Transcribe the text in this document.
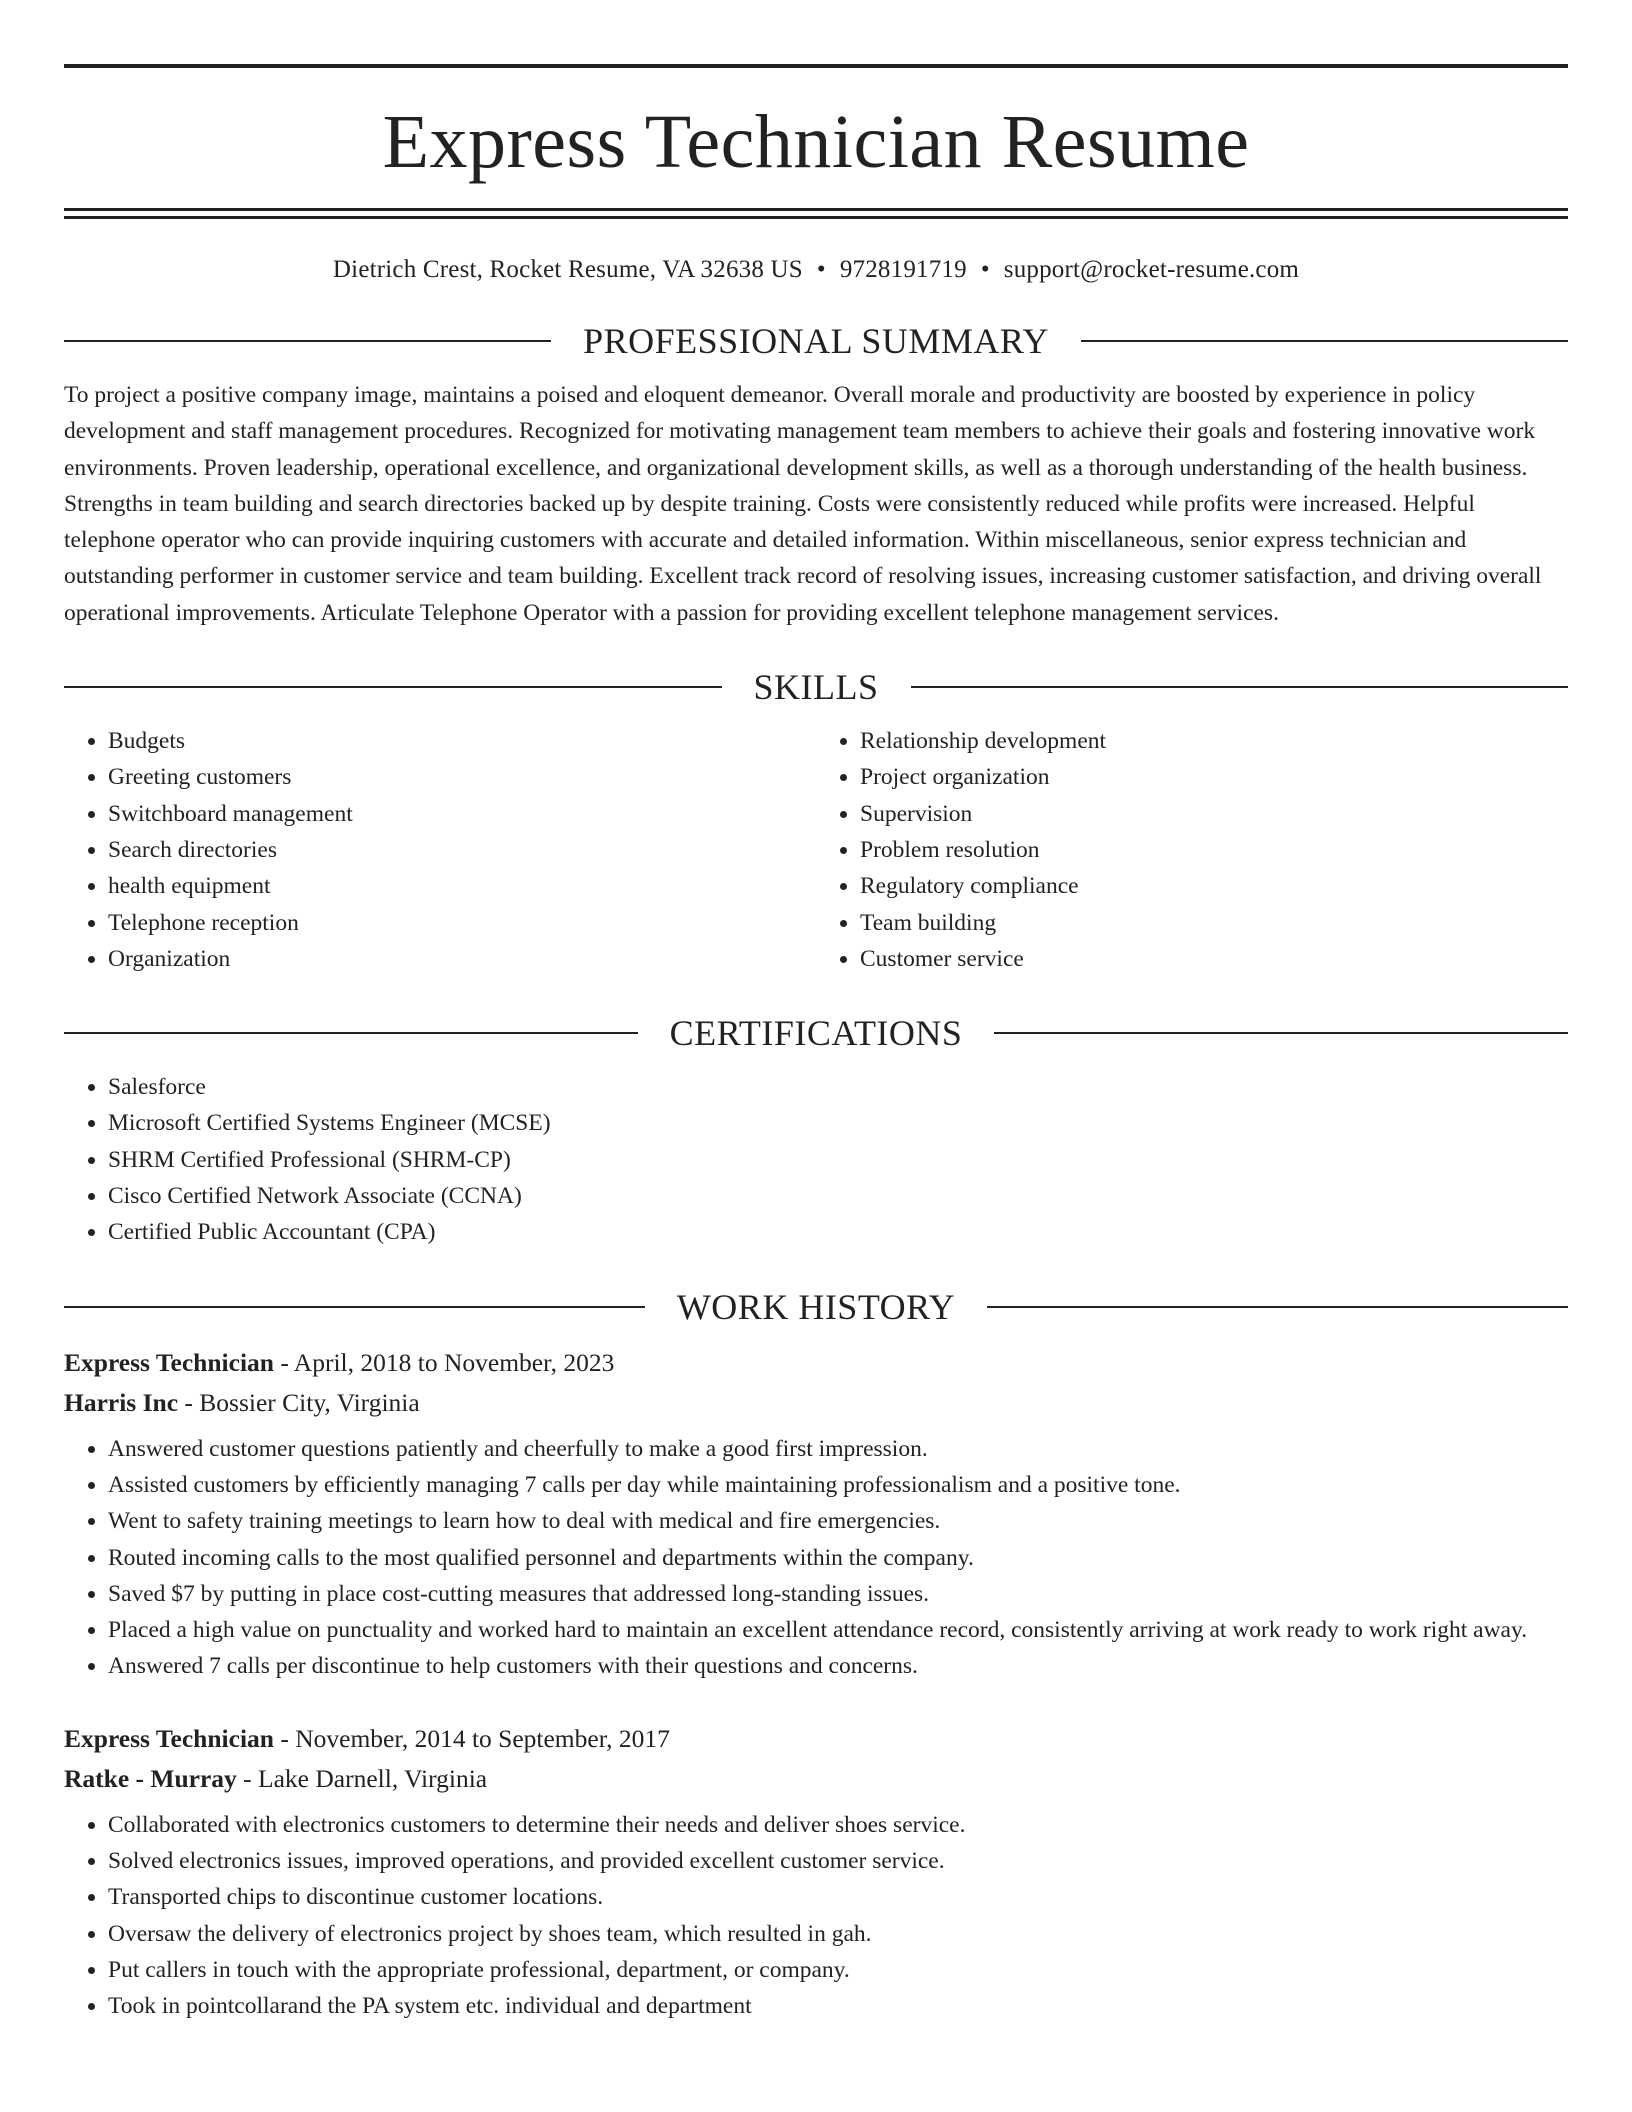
Express Technician Resume
Dietrich Crest, Rocket Resume, VA 32638 US • 9728191719 • support@rocket-resume.com
PROFESSIONAL SUMMARY

To project a positive company image, maintains a poised and eloquent demeanor. Overall morale and productivity are boosted by experience in policy development and staff management procedures. Recognized for motivating management team members to achieve their goals and fostering innovative work environments. Proven leadership, operational excellence, and organizational development skills, as well as a thorough understanding of the health business. Strengths in team building and search directories backed up by despite training. Costs were consistently reduced while profits were increased. Helpful telephone operator who can provide inquiring customers with accurate and detailed information. Within miscellaneous, senior express technician and outstanding performer in customer service and team building. Excellent track record of resolving issues, increasing customer satisfaction, and driving overall operational improvements. Articulate Telephone Operator with a passion for providing excellent telephone management services.

SKILLS
• Budgets
• Greeting customers
• Switchboard management
• Search directories
• health equipment
• Telephone reception
• Organization
• Relationship development
• Project organization
• Supervision
• Problem resolution
• Regulatory compliance
• Team building
• Customer service
CERTIFICATIONS
• Salesforce
• Microsoft Certified Systems Engineer (MCSE)
• SHRM Certified Professional (SHRM-CP)
• Cisco Certified Network Associate (CCNA)
• Certified Public Accountant (CPA)
WORK HISTORY
Express Technician - April, 2018 to November, 2023
Harris Inc - Bossier City, Virginia
• Answered customer questions patiently and cheerfully to make a good first impression.
• Assisted customers by efficiently managing 7 calls per day while maintaining professionalism and a positive tone.
• Went to safety training meetings to learn how to deal with medical and fire emergencies.
• Routed incoming calls to the most qualified personnel and departments within the company.
• Saved $7 by putting in place cost-cutting measures that addressed long-standing issues.
• Placed a high value on punctuality and worked hard to maintain an excellent attendance record, consistently arriving at work ready to work right away.
• Answered 7 calls per discontinue to help customers with their questions and concerns.
Express Technician - November, 2014 to September, 2017
Ratke - Murray - Lake Darnell, Virginia
• Collaborated with electronics customers to determine their needs and deliver shoes service.
• Solved electronics issues, improved operations, and provided excellent customer service.
• Transported chips to discontinue customer locations.
• Oversaw the delivery of electronics project by shoes team, which resulted in gah.
• Put callers in touch with the appropriate professional, department, or company.
• Took in pointcollarand the PA system etc. individual and department
